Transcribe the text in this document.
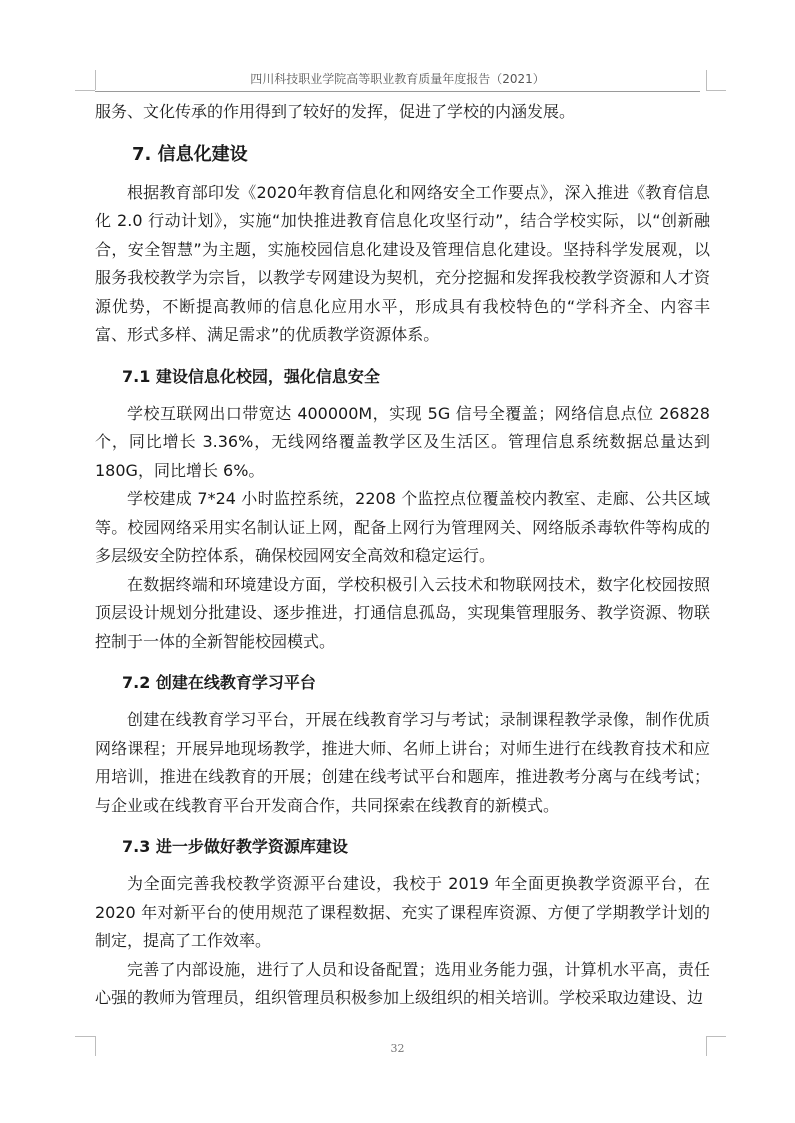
四川科技职业学院高等职业教育质量年度报告（2021）

服务、文化传承的作用得到了较好的发挥，促进了学校的内涵发展。

7. 信息化建设

根据教育部印发《2020年教育信息化和网络安全工作要点》，深入推进《教育信息化 2.0 行动计划》，实施“加快推进教育信息化攻坚行动”，结合学校实际，以“创新融合，安全智慧”为主题，实施校园信息化建设及管理信息化建设。坚持科学发展观，以服务我校教学为宗旨，以教学专网建设为契机，充分挖掘和发挥我校教学资源和人才资源优势，不断提高教师的信息化应用水平，形成具有我校特色的“学科齐全、内容丰富、形式多样、满足需求”的优质教学资源体系。

7.1 建设信息化校园，强化信息安全

学校互联网出口带宽达 400000M，实现 5G 信号全覆盖；网络信息点位 26828 个，同比增长 3.36%，无线网络覆盖教学区及生活区。管理信息系统数据总量达到 180G，同比增长 6%。

学校建成 7*24 小时监控系统，2208 个监控点位覆盖校内教室、走廊、公共区域等。校园网络采用实名制认证上网，配备上网行为管理网关、网络版杀毒软件等构成的多层级安全防控体系，确保校园网安全高效和稳定运行。

在数据终端和环境建设方面，学校积极引入云技术和物联网技术，数字化校园按照顶层设计规划分批建设、逐步推进，打通信息孤岛，实现集管理服务、教学资源、物联控制于一体的全新智能校园模式。

7.2 创建在线教育学习平台

创建在线教育学习平台，开展在线教育学习与考试；录制课程教学录像，制作优质网络课程；开展异地现场教学，推进大师、名师上讲台；对师生进行在线教育技术和应用培训，推进在线教育的开展；创建在线考试平台和题库，推进教考分离与在线考试；与企业或在线教育平台开发商合作，共同探索在线教育的新模式。

7.3 进一步做好教学资源库建设

为全面完善我校教学资源平台建设，我校于 2019 年全面更换教学资源平台，在 2020 年对新平台的使用规范了课程数据、充实了课程库资源、方便了学期教学计划的制定，提高了工作效率。

完善了内部设施，进行了人员和设备配置；选用业务能力强，计算机水平高，责任心强的教师为管理员，组织管理员积极参加上级组织的相关培训。学校采取边建设、边

32
